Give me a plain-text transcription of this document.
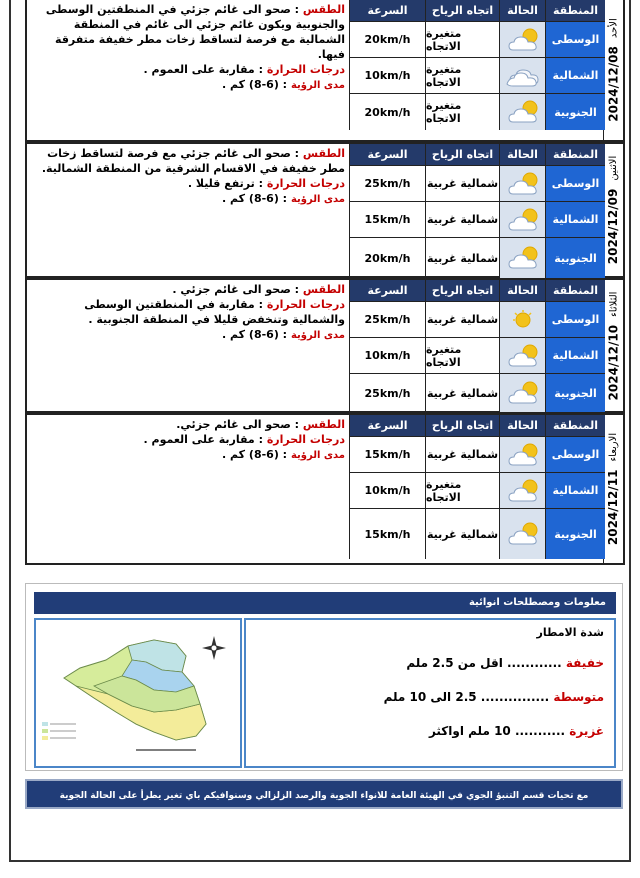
2024/12/08
الأحد
المنطقة
الحالة
اتجاه الرياح
السرعة
الوسطى
متغيرة الاتجاه
20km/h
الشمالية
متغيرة الاتجاه
10km/h
الجنوبية
متغيرة الاتجاه
20km/h
الطقس : صحو الى غائم جزئي في المنطقتين الوسطى والجنوبية ويكون غائم جزئي الى غائم في المنطقة الشمالية مع فرصة لتساقط زخات مطر خفيفة متفرقة فيها.
درجات الحرارة : مقاربة على العموم .
مدى الرؤية : (6-8) كم .
2024/12/09
الاثنين
المنطقة
الحالة
اتجاه الرياح
السرعة
الوسطى
شمالية غربية
25km/h
الشمالية
شمالية غربية
15km/h
الجنوبية
شمالية غربية
20km/h
الطقس : صحو الى غائم جزئي مع فرصة لتساقط زخات مطر خفيفة في الاقسام الشرقية من المنطقة الشمالية.
درجات الحرارة : ترتفع قليلا .
مدى الرؤية : (6-8) كم .
2024/12/10
الثلاثاء
المنطقة
الحالة
اتجاه الرياح
السرعة
الوسطى
شمالية غربية
25km/h
الشمالية
متغيرة الاتجاه
10km/h
الجنوبية
شمالية غربية
25km/h
الطقس : صحو الى غائم جزئي .
درجات الحرارة : مقاربة في المنطقتين الوسطى والشمالية وتنخفض قليلا في المنطقة الجنوبية .
مدى الرؤية : (6-8) كم .
2024/12/11
الاربعاء
المنطقة
الحالة
اتجاه الرياح
السرعة
الوسطى
شمالية غربية
15km/h
الشمالية
متغيرة الاتجاه
10km/h
الجنوبية
شمالية غربية
15km/h
الطقس : صحو الى غائم جزئي.
درجات الحرارة : مقاربة على العموم .
مدى الرؤية : (6-8) كم .
معلومات ومصطلحات انوائية
شدة الامطار
خفيفة ............ اقل من 2.5 ملم
متوسطة ............... 2.5 الى 10 ملم
غزيرة ........... 10 ملم اواكثر
مع تحيات قسم التنبؤ الجوي في الهيئة العامة للانواء الجوية والرصد الزلزالي وسنوافيكم باي تغير يطرأ على الحالة الجوية
